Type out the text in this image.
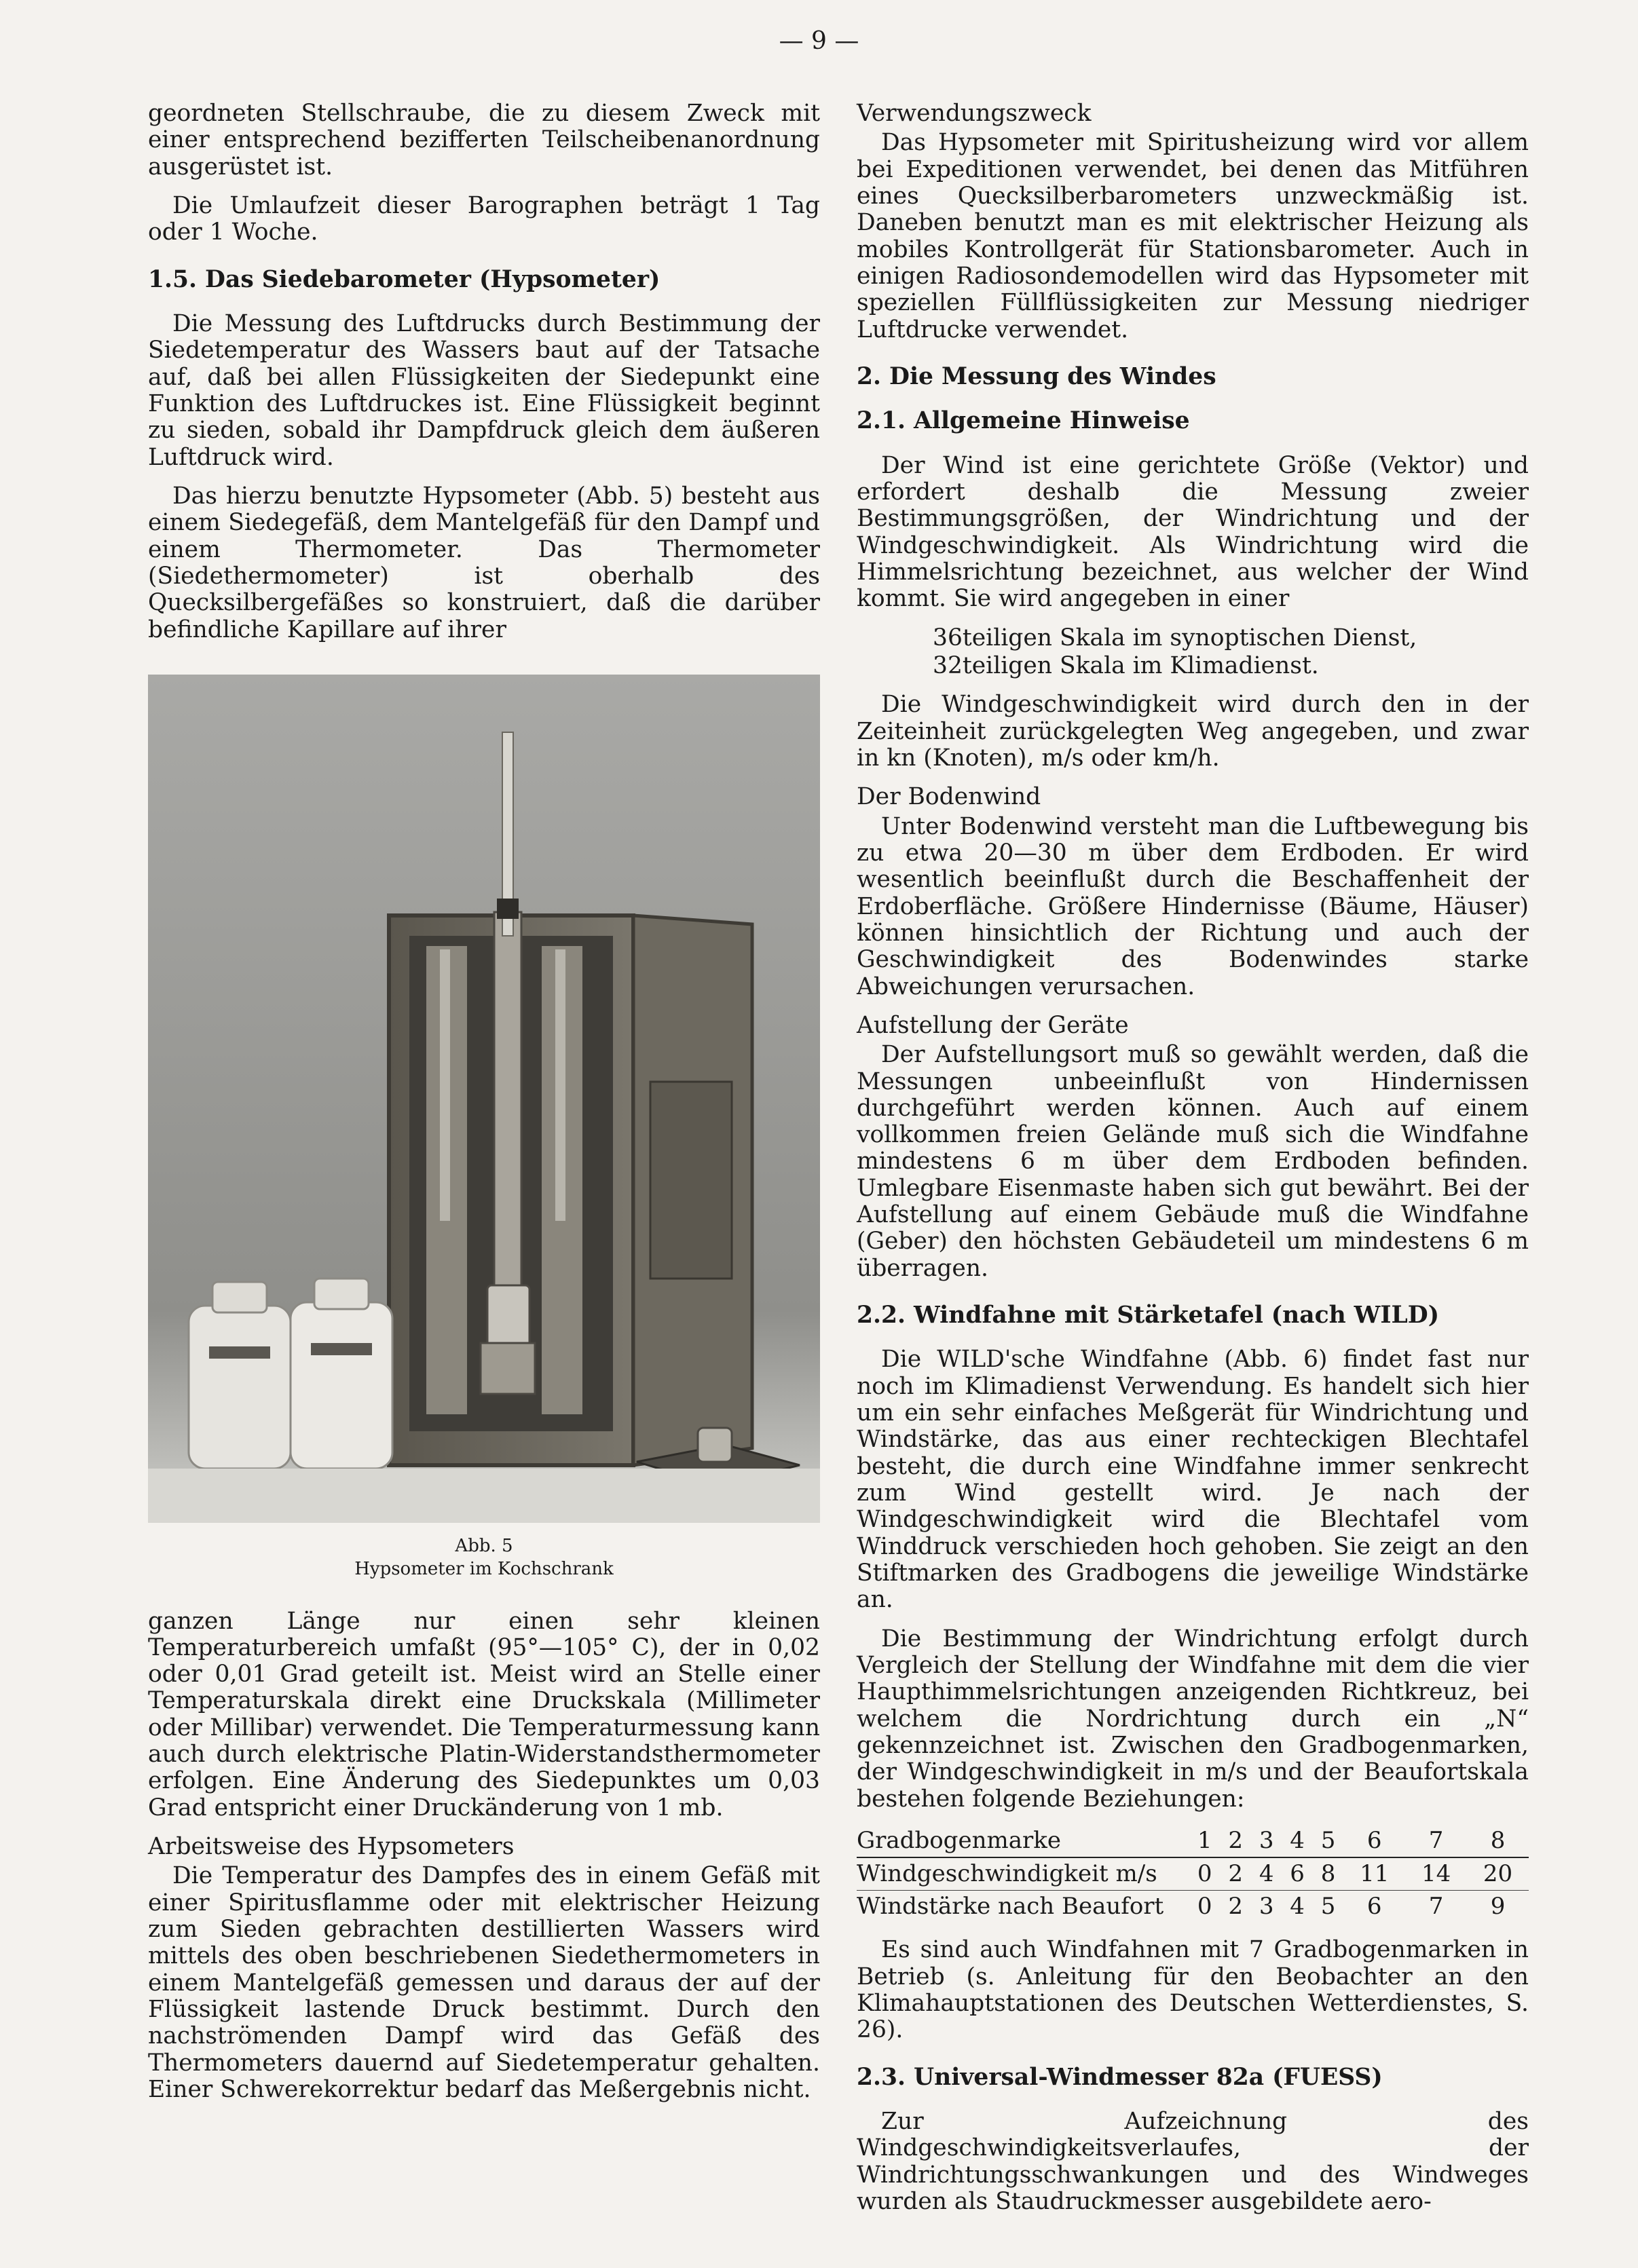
— 9 —

geordneten Stellschraube, die zu diesem Zweck mit einer entsprechend bezifferten Teilscheibenanordnung ausgerüstet ist.

Die Umlaufzeit dieser Barographen beträgt 1 Tag oder 1 Woche.

1.5. Das Siedebarometer (Hypsometer)

Die Messung des Luftdrucks durch Bestimmung der Siedetemperatur des Wassers baut auf der Tatsache auf, daß bei allen Flüssigkeiten der Siedepunkt eine Funktion des Luftdruckes ist. Eine Flüssigkeit beginnt zu sieden, sobald ihr Dampfdruck gleich dem äußeren Luftdruck wird.

Das hierzu benutzte Hypsometer (Abb. 5) besteht aus einem Siedegefäß, dem Mantelgefäß für den Dampf und einem Thermometer. Das Thermometer (Siedethermometer) ist oberhalb des Quecksilbergefäßes so konstruiert, daß die darüber befindliche Kapillare auf ihrer

Abb. 5
Hypsometer im Kochschrank

ganzen Länge nur einen sehr kleinen Temperaturbereich umfaßt (95°—105° C), der in 0,02 oder 0,01 Grad geteilt ist. Meist wird an Stelle einer Temperaturskala direkt eine Druckskala (Millimeter oder Millibar) verwendet. Die Temperaturmessung kann auch durch elektrische Platin-Widerstandsthermometer erfolgen. Eine Änderung des Siedepunktes um 0,03 Grad entspricht einer Druckänderung von 1 mb.

Arbeitsweise des Hypsometers

Die Temperatur des Dampfes des in einem Gefäß mit einer Spiritusflamme oder mit elektrischer Heizung zum Sieden gebrachten destillierten Wassers wird mittels des oben beschriebenen Siedethermometers in einem Mantelgefäß gemessen und daraus der auf der Flüssigkeit lastende Druck bestimmt. Durch den nachströmenden Dampf wird das Gefäß des Thermometers dauernd auf Siedetemperatur gehalten. Einer Schwerekorrektur bedarf das Meßergebnis nicht.

Verwendungszweck

Das Hypsometer mit Spiritusheizung wird vor allem bei Expeditionen verwendet, bei denen das Mitführen eines Quecksilberbarometers unzweckmäßig ist. Daneben benutzt man es mit elektrischer Heizung als mobiles Kontrollgerät für Stationsbarometer. Auch in einigen Radiosondemodellen wird das Hypsometer mit speziellen Füllflüssigkeiten zur Messung niedriger Luftdrucke verwendet.

2. Die Messung des Windes
2.1. Allgemeine Hinweise

Der Wind ist eine gerichtete Größe (Vektor) und erfordert deshalb die Messung zweier Bestimmungsgrößen, der Windrichtung und der Windgeschwindigkeit. Als Windrichtung wird die Himmelsrichtung bezeichnet, aus welcher der Wind kommt. Sie wird angegeben in einer

36teiligen Skala im synoptischen Dienst,
32teiligen Skala im Klimadienst.

Die Windgeschwindigkeit wird durch den in der Zeiteinheit zurückgelegten Weg angegeben, und zwar in kn (Knoten), m/s oder km/h.

Der Bodenwind

Unter Bodenwind versteht man die Luftbewegung bis zu etwa 20—30 m über dem Erdboden. Er wird wesentlich beeinflußt durch die Beschaffenheit der Erdoberfläche. Größere Hindernisse (Bäume, Häuser) können hinsichtlich der Richtung und auch der Geschwindigkeit des Bodenwindes starke Abweichungen verursachen.

Aufstellung der Geräte

Der Aufstellungsort muß so gewählt werden, daß die Messungen unbeeinflußt von Hindernissen durchgeführt werden können. Auch auf einem vollkommen freien Gelände muß sich die Windfahne mindestens 6 m über dem Erdboden befinden. Umlegbare Eisenmaste haben sich gut bewährt. Bei der Aufstellung auf einem Gebäude muß die Windfahne (Geber) den höchsten Gebäudeteil um mindestens 6 m überragen.

2.2. Windfahne mit Stärketafel (nach WILD)

Die WILD'sche Windfahne (Abb. 6) findet fast nur noch im Klimadienst Verwendung. Es handelt sich hier um ein sehr einfaches Meßgerät für Windrichtung und Windstärke, das aus einer rechteckigen Blechtafel besteht, die durch eine Windfahne immer senkrecht zum Wind gestellt wird. Je nach der Windgeschwindigkeit wird die Blechtafel vom Winddruck verschieden hoch gehoben. Sie zeigt an den Stiftmarken des Gradbogens die jeweilige Windstärke an.

Die Bestimmung der Windrichtung erfolgt durch Vergleich der Stellung der Windfahne mit dem die vier Haupthimmelsrichtungen anzeigenden Richtkreuz, bei welchem die Nordrichtung durch ein „N“ gekennzeichnet ist. Zwischen den Gradbogenmarken, der Windgeschwindigkeit in m/s und der Beaufortskala bestehen folgende Beziehungen:

Gradbogenmarke	1	2	3	4	5	6	7	8
Windgeschwindigkeit m/s	0	2	4	6	8	11	14	20
Windstärke nach Beaufort	0	2	3	4	5	6	7	9

Es sind auch Windfahnen mit 7 Gradbogenmarken in Betrieb (s. Anleitung für den Beobachter an den Klimahauptstationen des Deutschen Wetterdienstes, S. 26).

2.3. Universal-Windmesser 82a (FUESS)

Zur Aufzeichnung des Windgeschwindigkeitsverlaufes, der Windrichtungsschwankungen und des Windweges wurden als Staudruckmesser ausgebildete aero-
